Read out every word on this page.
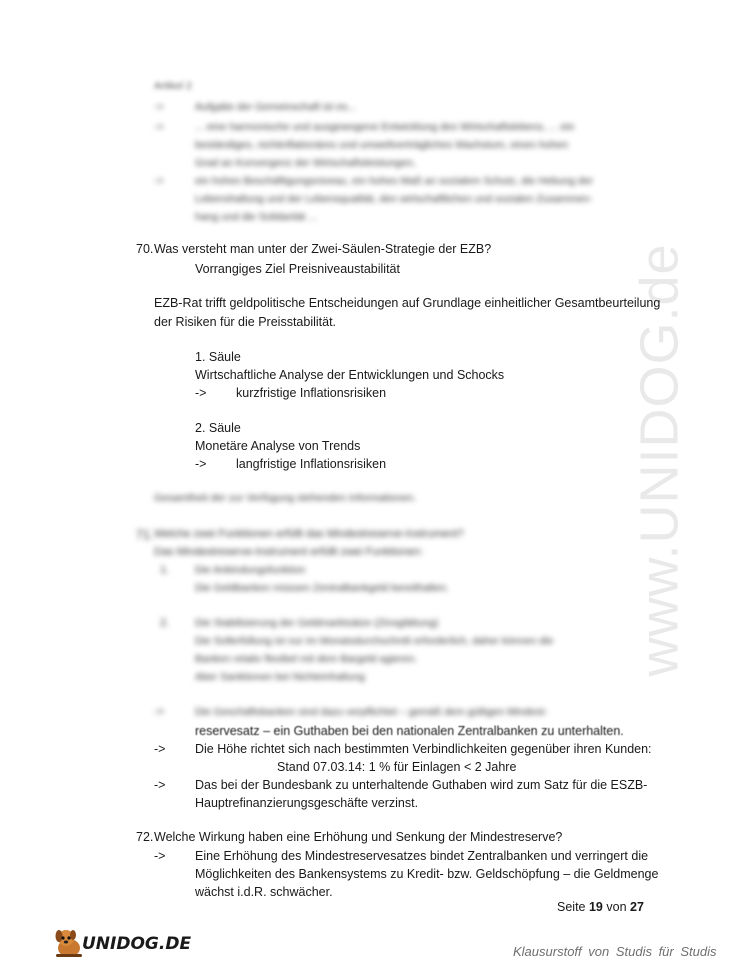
www.UNIDOG.de
Artikel 2
->	Aufgabe der Gemeinschaft ist es...
->	... eine harmonische und ausgewogene Entwicklung des Wirtschaftslebens, ... ein
beständiges, nichtinflationäres und umweltverträgliches Wachstum, einen hohen
Grad an Konvergenz der Wirtschaftsleistungen,
->	ein hohes Beschäftigungsniveau, ein hohes Maß an sozialem Schutz, die Hebung der
Lebenshaltung und der Lebensqualität, den wirtschaftlichen und sozialen Zusammen-
hang und die Solidarität ...
70. Was versteht man unter der Zwei-Säulen-Strategie der EZB?
Vorrangiges Ziel Preisniveaustabilität
EZB-Rat trifft geldpolitische Entscheidungen auf Grundlage einheitlicher Gesamtbeurteilung
der Risiken für die Preisstabilität.
1. Säule
Wirtschaftliche Analyse der Entwicklungen und Schocks
-> kurzfristige Inflationsrisiken
2. Säule
Monetäre Analyse von Trends
-> langfristige Inflationsrisiken
Gesamtheit der zur Verfügung stehenden Informationen.
71. Welche zwei Funktionen erfüllt das Mindestreserve-Instrument?
Das Mindestreserve-Instrument erfüllt zwei Funktionen:
1. Die Anbindungsfunktion
Die Geldbanken müssen Zentralbankgeld bereithalten.
2. Die Stabilisierung der Geldmarktsätze (Zinsglättung)
Die Sollerfüllung ist nur im Monatsdurchschnitt erforderlich, daher können die
Banken relativ flexibel mit dem Bargeld agieren.
Aber Sanktionen bei Nichteinhaltung
->	Die Geschäftsbanken sind dazu verpflichtet – gemäß dem gültigen Mindest-
reservesatz – ein Guthaben bei den nationalen Zentralbanken zu unterhalten.
-> Die Höhe richtet sich nach bestimmten Verbindlichkeiten gegenüber ihren Kunden:
Stand 07.03.14: 1 % für Einlagen < 2 Jahre
-> Das bei der Bundesbank zu unterhaltende Guthaben wird zum Satz für die ESZB-
Hauptrefinanzierungsgeschäfte verzinst.
72. Welche Wirkung haben eine Erhöhung und Senkung der Mindestreserve?
-> Eine Erhöhung des Mindestreservesatzes bindet Zentralbanken und verringert die
Möglichkeiten des Bankensystems zu Kredit- bzw. Geldschöpfung – die Geldmenge
wächst i.d.R. schwächer.
Seite 19 von 27
UNIDOG.DE	Klausurstoff von Studis für Studis
